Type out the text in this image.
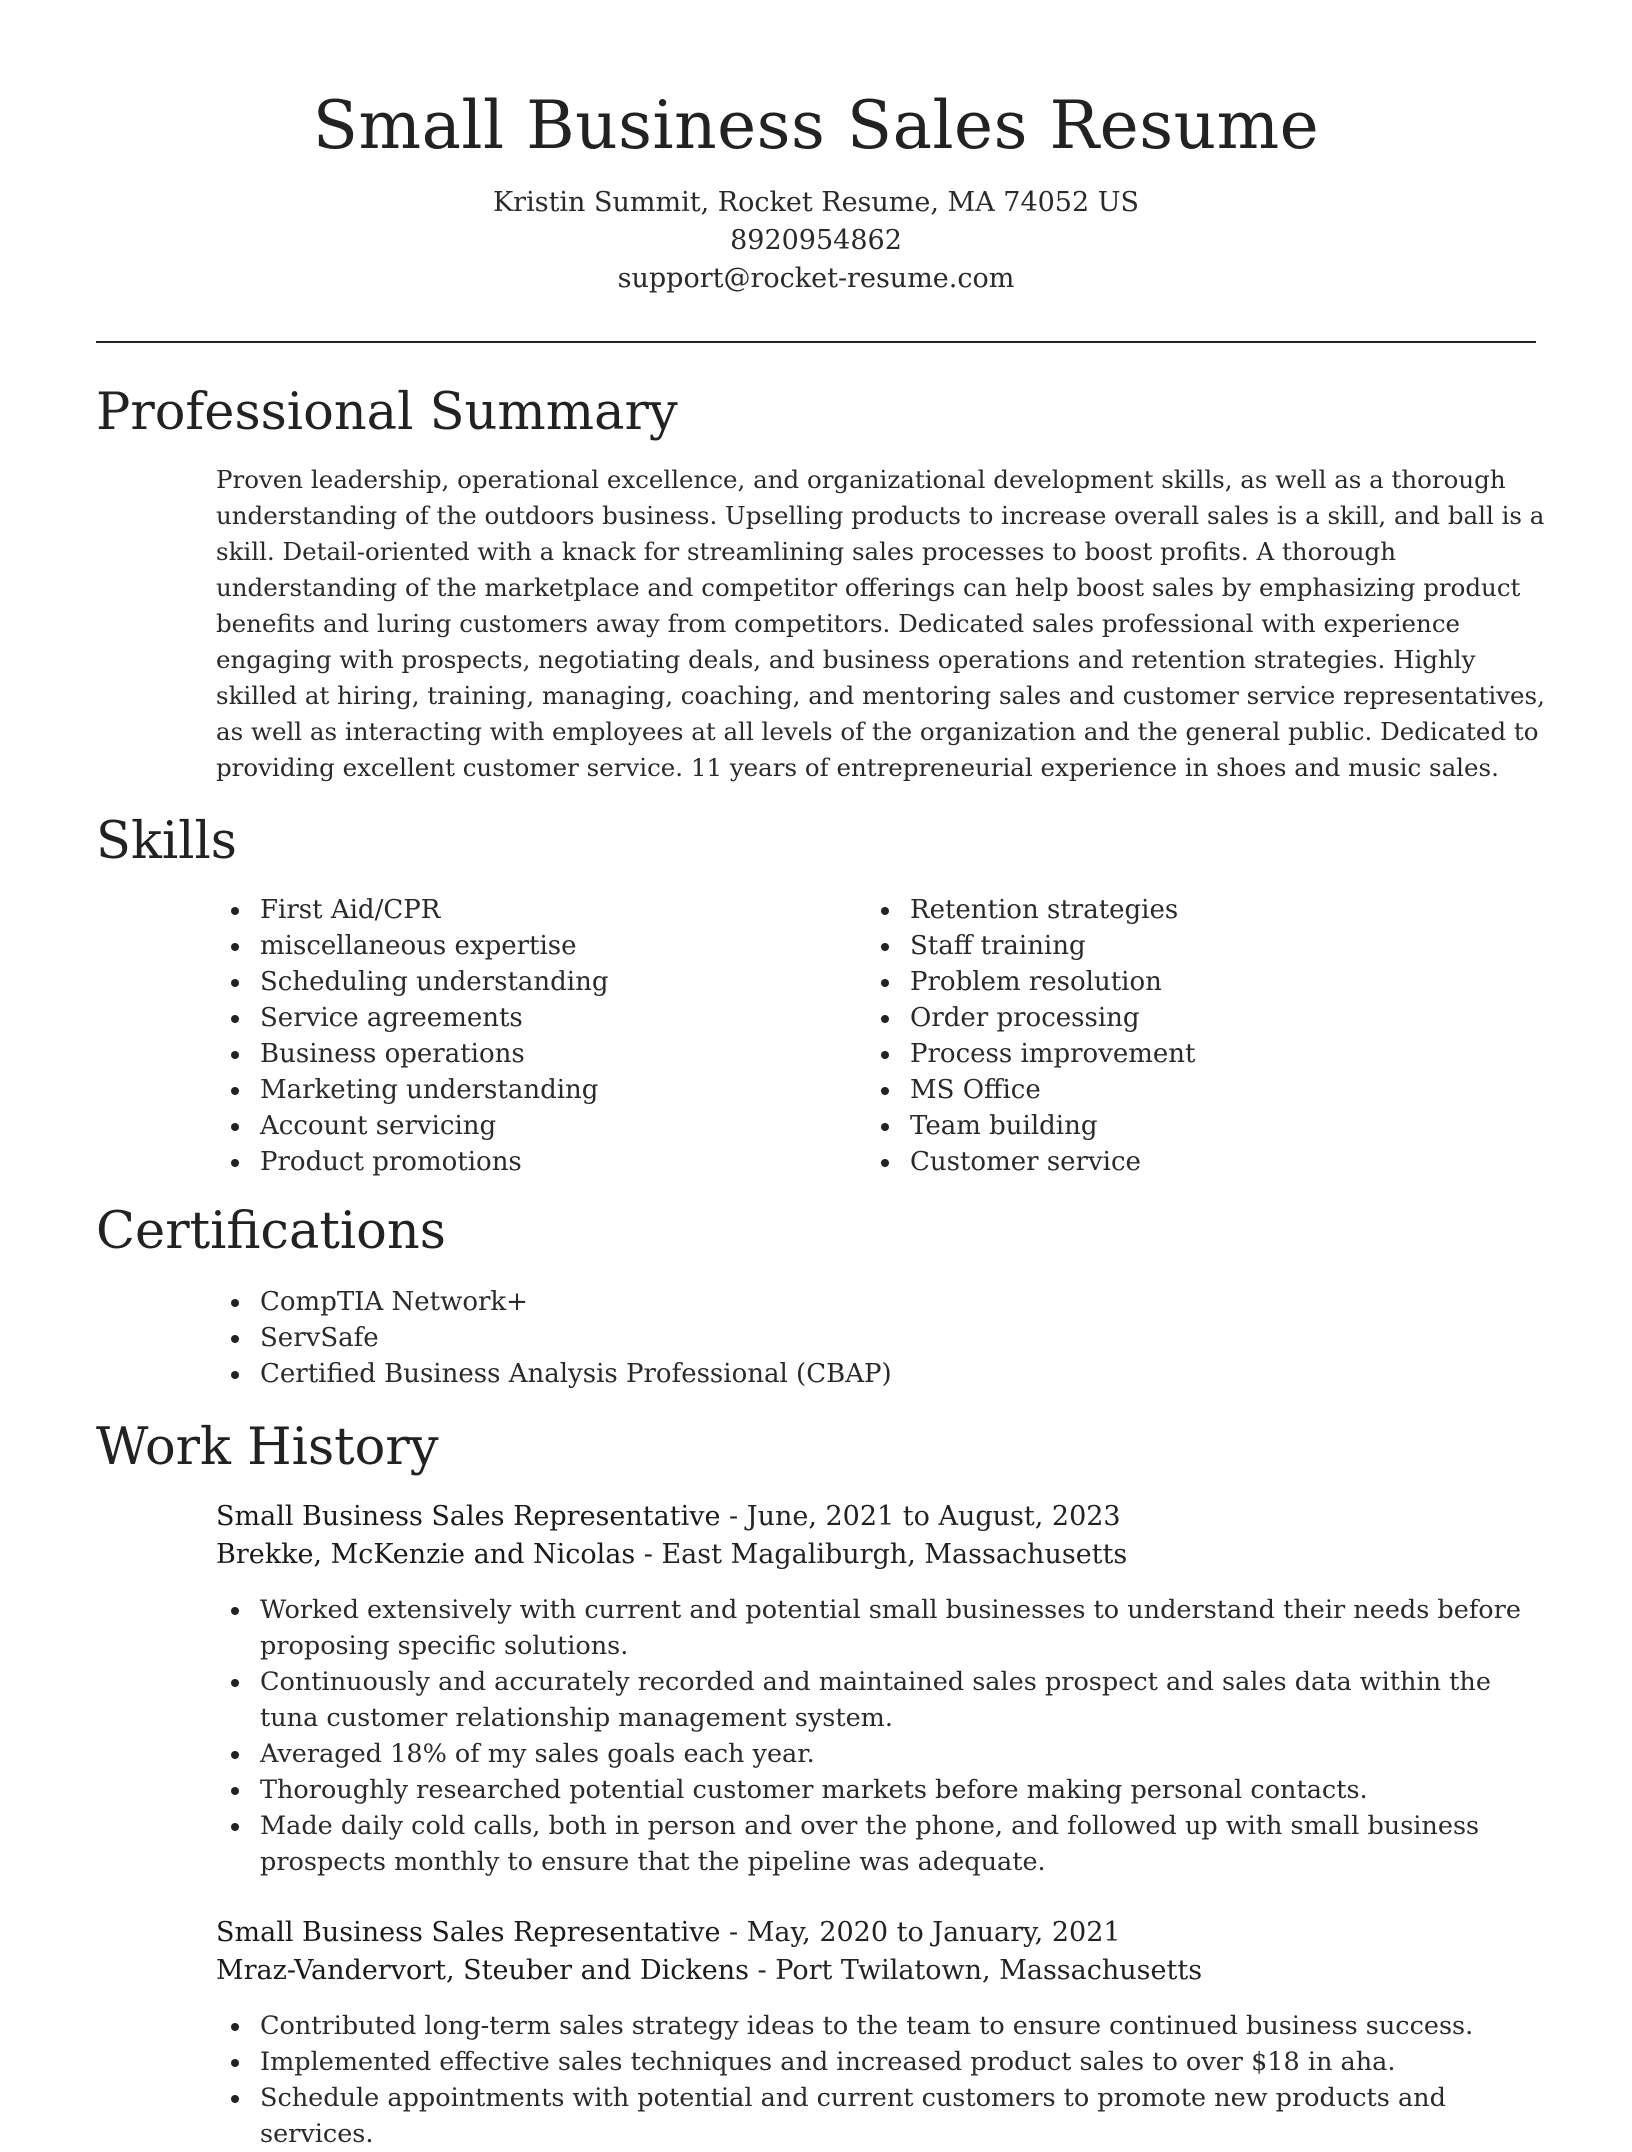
Small Business Sales Resume
Kristin Summit, Rocket Resume, MA 74052 US
8920954862
support@rocket-resume.com
Professional Summary

Proven leadership, operational excellence, and organizational development skills, as well as a thorough understanding of the outdoors business. Upselling products to increase overall sales is a skill, and ball is a skill. Detail-oriented with a knack for streamlining sales processes to boost profits. A thorough understanding of the marketplace and competitor offerings can help boost sales by emphasizing product benefits and luring customers away from competitors. Dedicated sales professional with experience engaging with prospects, negotiating deals, and business operations and retention strategies. Highly skilled at hiring, training, managing, coaching, and mentoring sales and customer service representatives, as well as interacting with employees at all levels of the organization and the general public. Dedicated to providing excellent customer service. 11 years of entrepreneurial experience in shoes and music sales.

Skills
First Aid/CPR
miscellaneous expertise
Scheduling understanding
Service agreements
Business operations
Marketing understanding
Account servicing
Product promotions
Retention strategies
Staff training
Problem resolution
Order processing
Process improvement
MS Office
Team building
Customer service
Certifications
CompTIA Network+
ServSafe
Certified Business Analysis Professional (CBAP)
Work History
Small Business Sales Representative - June, 2021 to August, 2023
Brekke, McKenzie and Nicolas - East Magaliburgh, Massachusetts
Worked extensively with current and potential small businesses to understand their needs before proposing specific solutions.
Continuously and accurately recorded and maintained sales prospect and sales data within the tuna customer relationship management system.
Averaged 18% of my sales goals each year.
Thoroughly researched potential customer markets before making personal contacts.
Made daily cold calls, both in person and over the phone, and followed up with small business prospects monthly to ensure that the pipeline was adequate.
Small Business Sales Representative - May, 2020 to January, 2021
Mraz-Vandervort, Steuber and Dickens - Port Twilatown, Massachusetts
Contributed long-term sales strategy ideas to the team to ensure continued business success.
Implemented effective sales techniques and increased product sales to over $18 in aha.
Schedule appointments with potential and current customers to promote new products and services.
